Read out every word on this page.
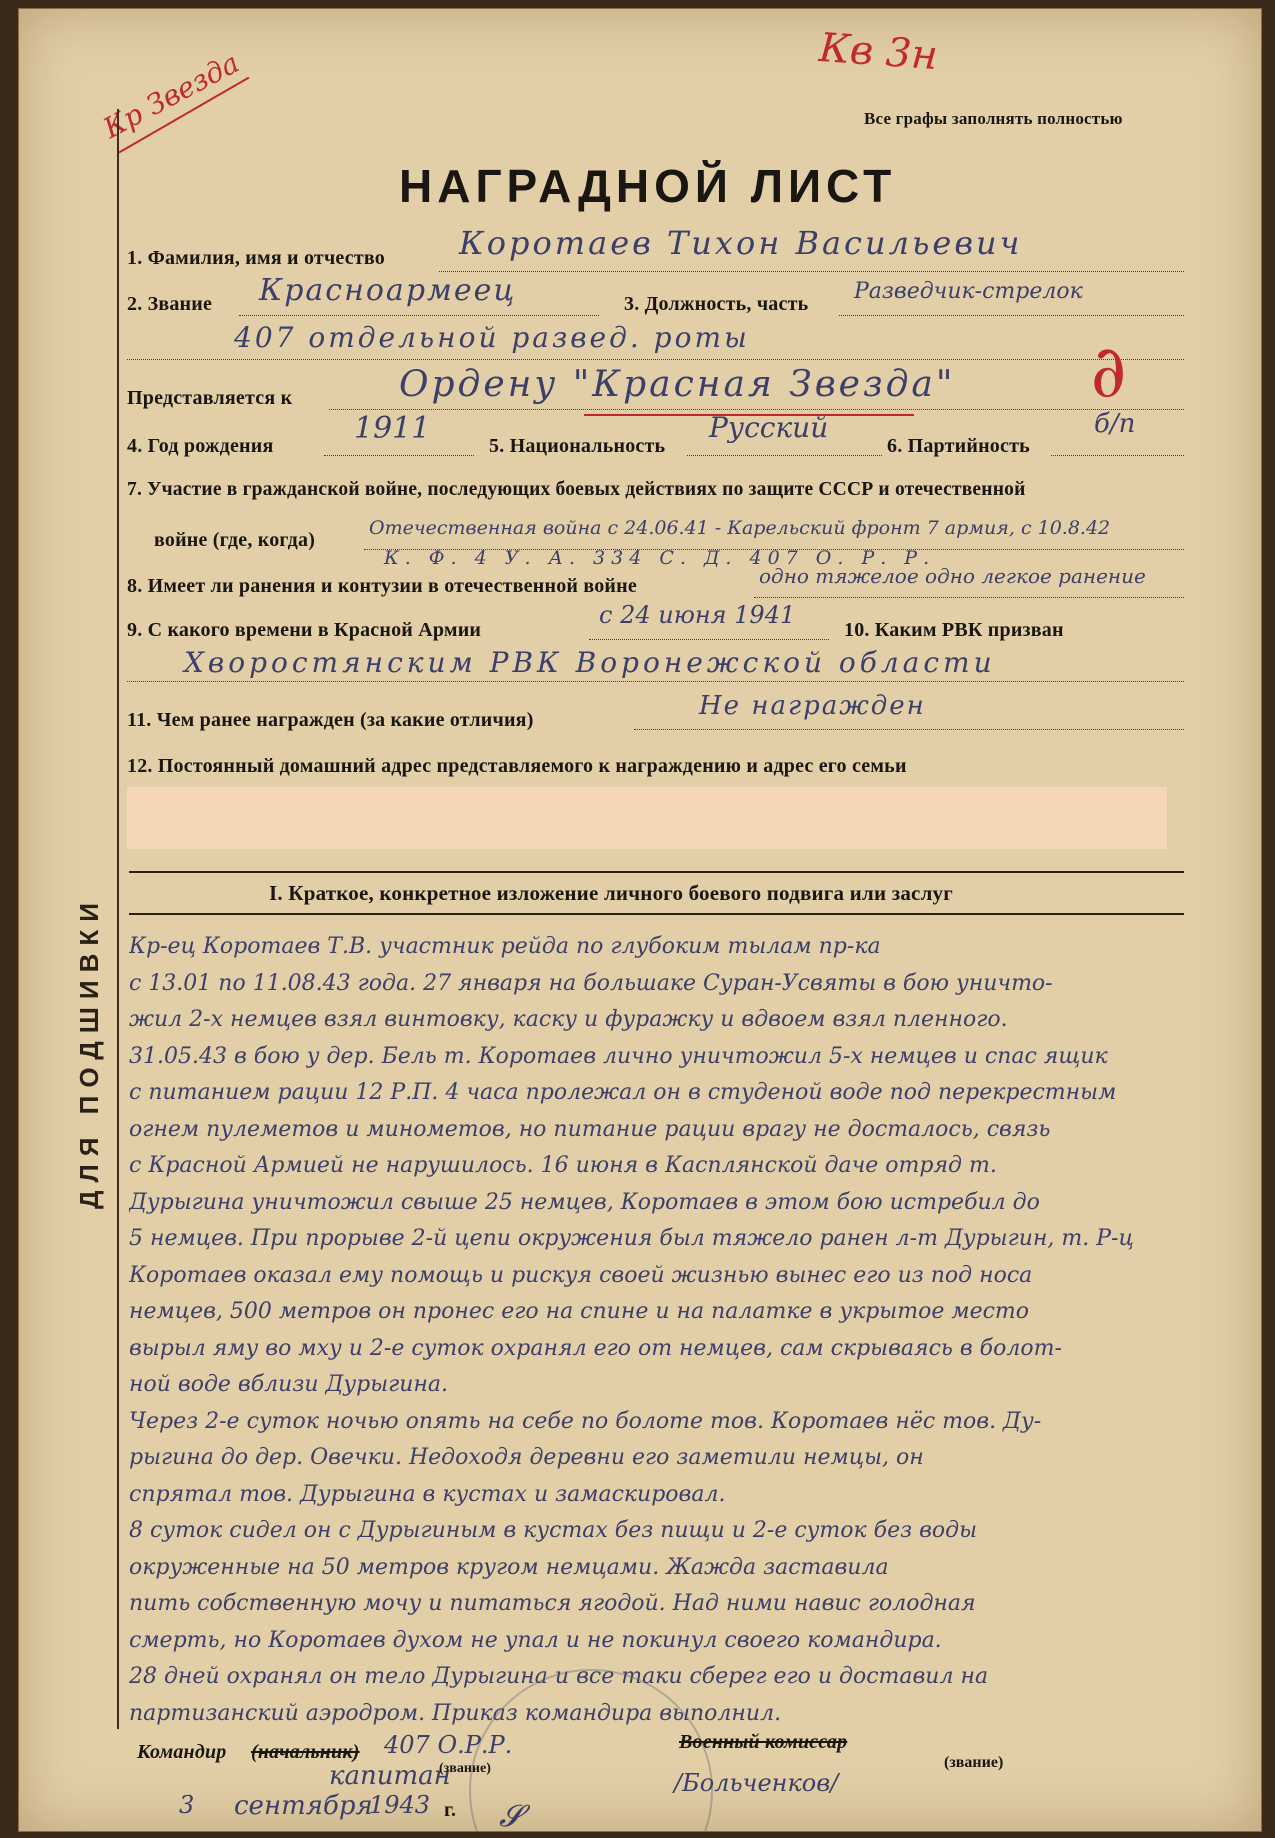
Кв 3н
Кр Звезда
ДЛЯ ПОДШИВКИ
Все графы заполнять полностью
НАГРАДНОЙ ЛИСТ
1. Фамилия, имя и отчество Коротаев Тихон Васильевич
2. Звание Красноармеец	3. Должность, часть Разведчик-стрелок
407 отдельной развед. роты
Представляется к	Ордену "Красная Звезда" ∂
4. Год рождения	1911	5. Национальность
Русский
6. Партийность
б/п
7. Участие в гражданской войне, последующих боевых действиях по защите СССР и отечественной
войне (где, когда)
Отечественная война с 24.06.41 - Карельский фронт 7 армия, с 10.8.42
К. Ф. 4 У. А. 334 С. Д. 407 О. Р. Р.
8. Имеет ли ранения и контузии в отечественной войне	одно тяжелое одно легкое ранение
9. С какого времени в Красной Армии
с 24 июня 1941
10. Каким РВК призван
Хворостянским РВК Воронежской области
11. Чем ранее награжден (за какие отличия)	Не награжден
12. Постоянный домашний адрес представляемого к награждению и адрес его семьи
I. Краткое, конкретное изложение личного боевого подвига или заслуг
Кр-ец Коротаев Т.В. участник рейда по глубоким тылам пр-ка
с 13.01 по 11.08.43 года. 27 января на большаке Суран-Усвяты в бою уничто-
жил 2-х немцев взял винтовку, каску и фуражку и вдвоем взял пленного.
31.05.43 в бою у дер. Бель т. Коротаев лично уничтожил 5-х немцев и спас ящик
с питанием рации 12 Р.П. 4 часа пролежал он в студеной воде под перекрестным
огнем пулеметов и минометов, но питание рации врагу не досталось, связь
с Красной Армией не нарушилось. 16 июня в Касплянской даче отряд т.
Дурыгина уничтожил свыше 25 немцев, Коротаев в этом бою истребил до
5 немцев. При прорыве 2-й цепи окружения был тяжело ранен л-т Дурыгин, т. Р-ц
Коротаев оказал ему помощь и рискуя своей жизнью вынес его из под носа
немцев, 500 метров он пронес его на спине и на палатке в укрытое место
вырыл яму во мху и 2-е суток охранял его от немцев, сам скрываясь в болот-
ной воде вблизи Дурыгина.
Через 2-е суток ночью опять на себе по болоте тов. Коротаев нёс тов. Ду-
рыгина до дер. Овечки. Недоходя деревни его заметили немцы, он
спрятал тов. Дурыгина в кустах и замаскировал.
8 суток сидел он с Дурыгиным в кустах без пищи и 2-е суток без воды
окруженные на 50 метров кругом немцами. Жажда заставила
пить собственную мочу и питаться ягодой. Над ними навис голодная
смерть, но Коротаев духом не упал и не покинул своего командира.
28 дней охранял он тело Дурыгина и все таки сберег его и доставил на
партизанский аэродром. Приказ командира выполнил.
Командир (начальник) 407 О.Р.Р.
капитан
(звание)
Военный комиссар
(звание)
/Больченков/
𝓢
3 сентября
1943 г.
